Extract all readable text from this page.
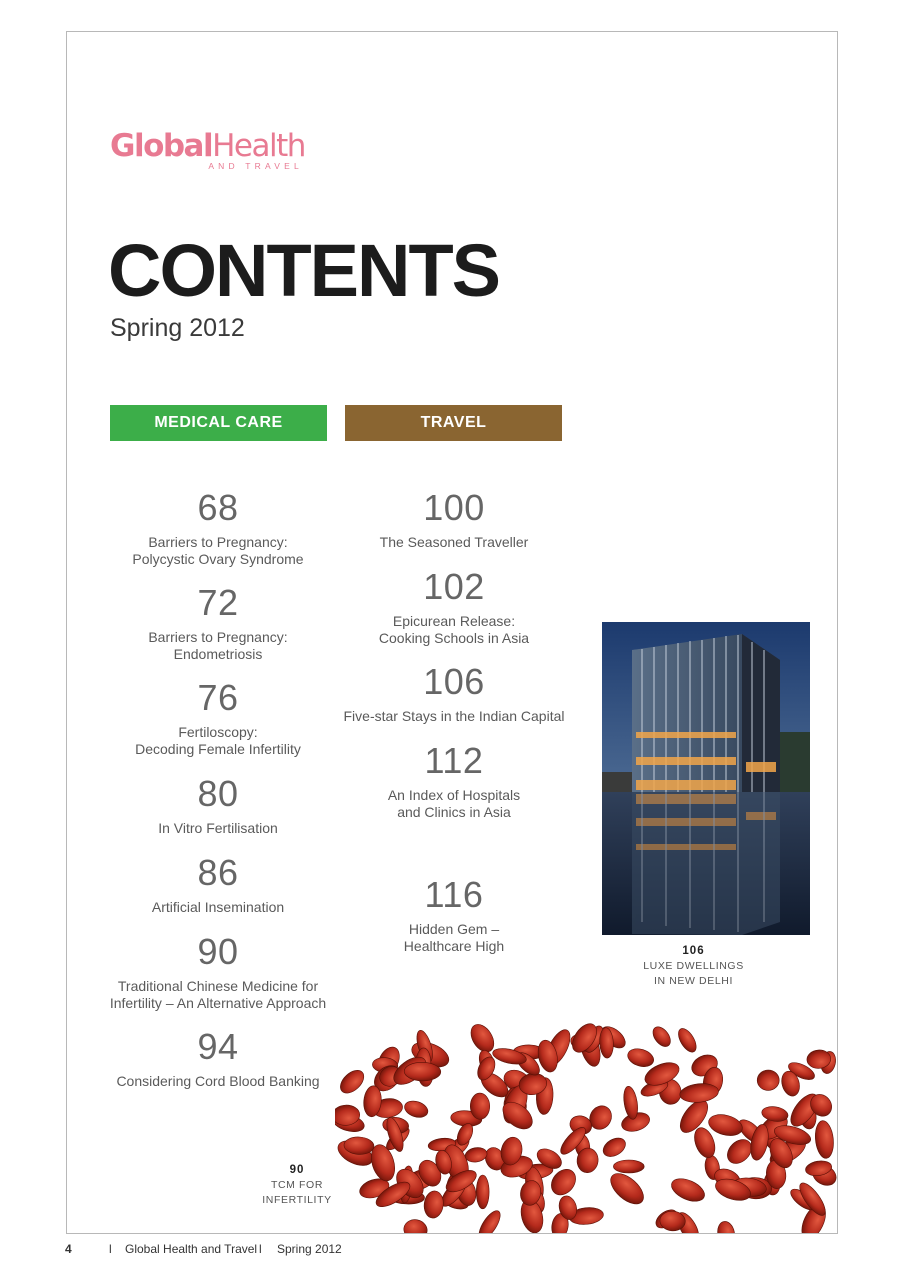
GlobalHealth
AND TRAVEL
CONTENTS
Spring 2012
MEDICAL CARE	TRAVEL
68
Barriers to Pregnancy:
Polycystic Ovary Syndrome
72
Barriers to Pregnancy:
Endometriosis
76
Fertiloscopy:
Decoding Female Infertility
80
In Vitro Fertilisation
86
Artificial Insemination
90
Traditional Chinese Medicine for
Infertility – An Alternative Approach
94
Considering Cord Blood Banking
100
The Seasoned Traveller
102
Epicurean Release:
Cooking Schools in Asia
106
Five-star Stays in the Indian Capital
112
An Index of Hospitals
and Clinics in Asia
116
Hidden Gem –
Healthcare High	106
LUXE DWELLINGS
IN NEW DELHI
90
TCM FOR
INFERTILITY
4	l Global Health and Travel l Spring 2012
